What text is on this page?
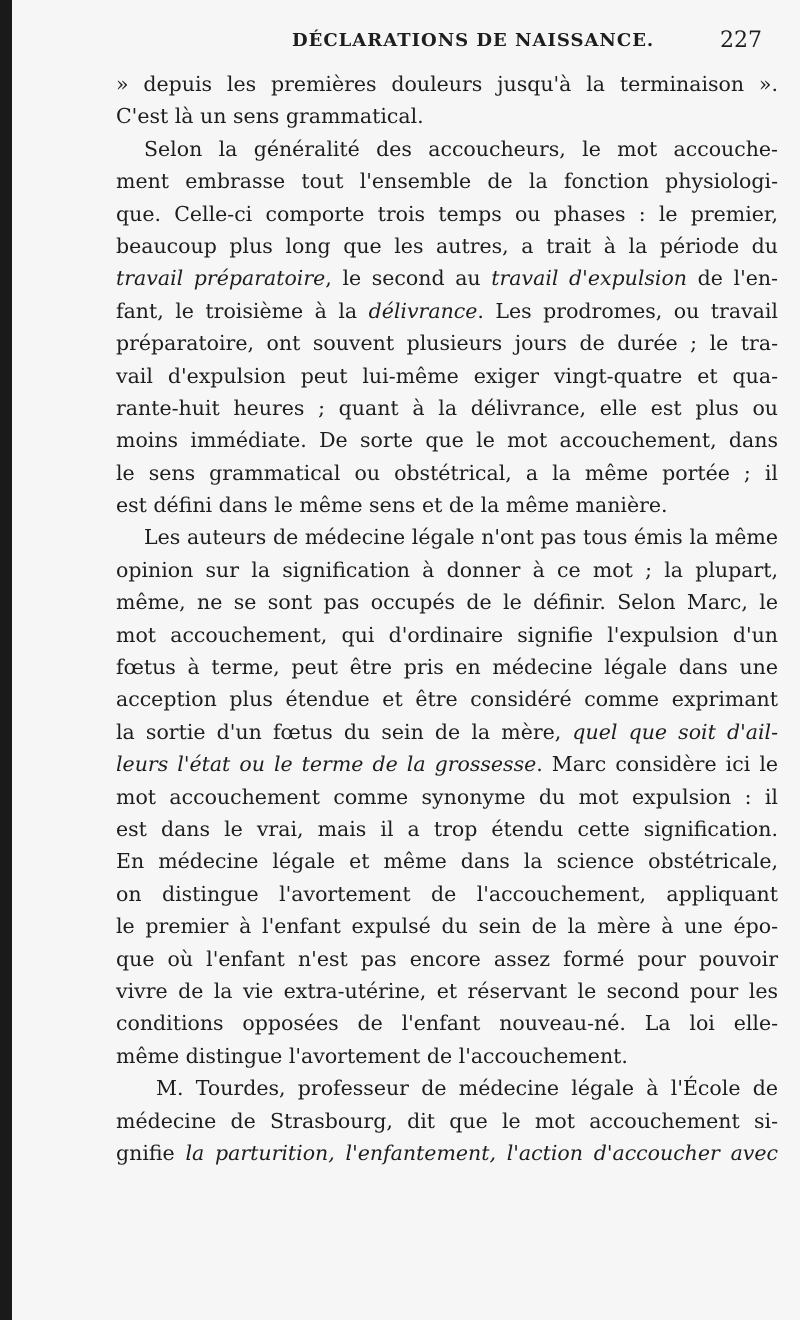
DÉCLARATIONS DE NAISSANCE.	227
» depuis les premières douleurs jusqu'à la terminaison ».
C'est là un sens grammatical.
Selon la généralité des accoucheurs, le mot accouche-
ment embrasse tout l'ensemble de la fonction physiologi-
que. Celle-ci comporte trois temps ou phases : le premier,
beaucoup plus long que les autres, a trait à la période du
travail préparatoire, le second au travail d'expulsion de l'en-
fant, le troisième à la délivrance. Les prodromes, ou travail
préparatoire, ont souvent plusieurs jours de durée ; le tra-
vail d'expulsion peut lui-même exiger vingt-quatre et qua-
rante-huit heures ; quant à la délivrance, elle est plus ou
moins immédiate. De sorte que le mot accouchement, dans
le sens grammatical ou obstétrical, a la même portée ; il
est défini dans le même sens et de la même manière.
Les auteurs de médecine légale n'ont pas tous émis la même
opinion sur la signification à donner à ce mot ; la plupart,
même, ne se sont pas occupés de le définir. Selon Marc, le
mot accouchement, qui d'ordinaire signifie l'expulsion d'un
fœtus à terme, peut être pris en médecine légale dans une
acception plus étendue et être considéré comme exprimant
la sortie d'un fœtus du sein de la mère, quel que soit d'ail-
leurs l'état ou le terme de la grossesse. Marc considère ici le
mot accouchement comme synonyme du mot expulsion : il
est dans le vrai, mais il a trop étendu cette signification.
En médecine légale et même dans la science obstétricale,
on distingue l'avortement de l'accouchement, appliquant
le premier à l'enfant expulsé du sein de la mère à une épo-
que où l'enfant n'est pas encore assez formé pour pouvoir
vivre de la vie extra-utérine, et réservant le second pour les
conditions opposées de l'enfant nouveau-né. La loi elle-
même distingue l'avortement de l'accouchement.
M. Tourdes, professeur de médecine légale à l'École de
médecine de Strasbourg, dit que le mot accouchement si-
gnifie la parturition, l'enfantement, l'action d'accoucher avec
